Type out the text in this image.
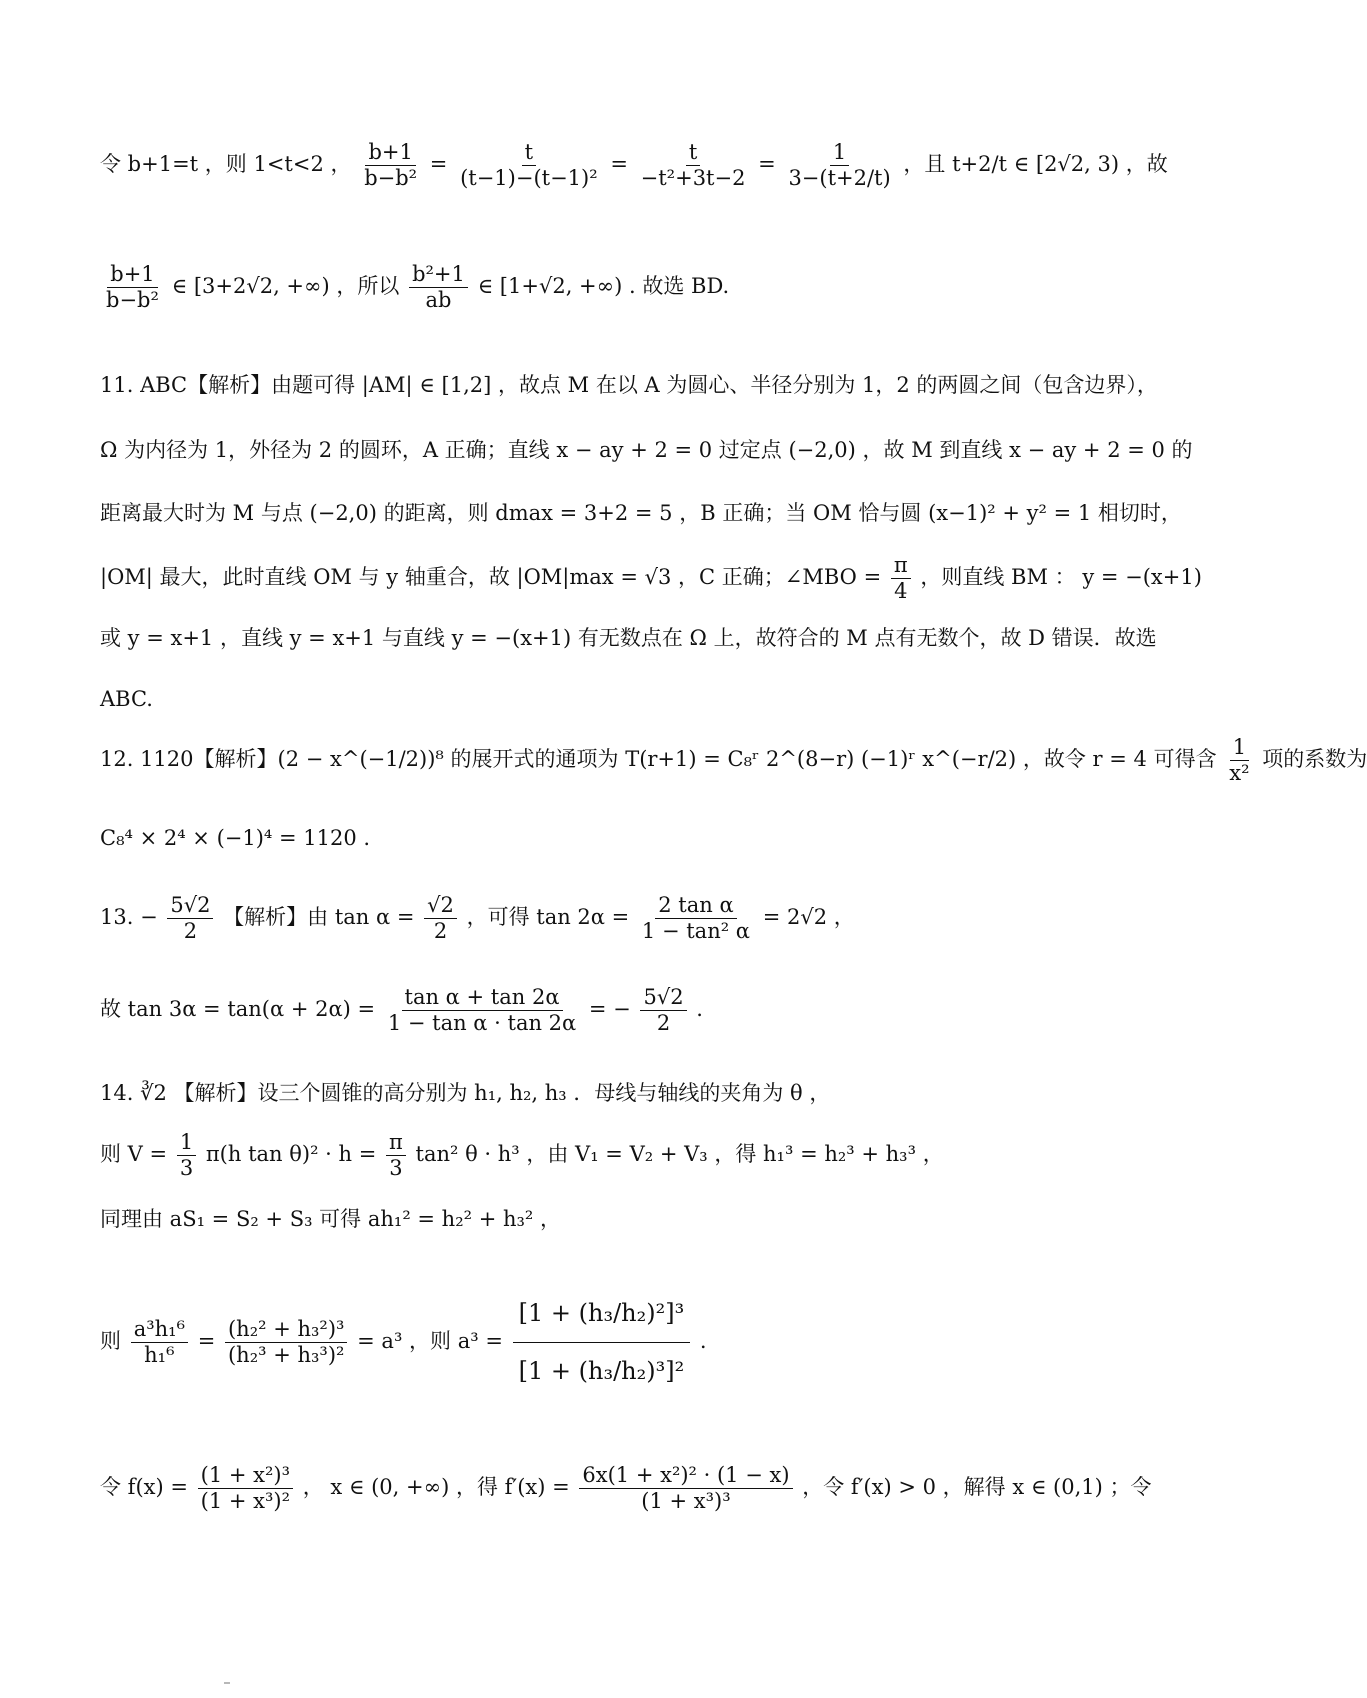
令 b+1=t ，则 1<t<2 ， $\frac{b+1}{\text{b−b²}} = \frac{t}{\text{(t−1)−(t−1)²}} = \frac{t}{\text{−t²+3t−2}} = \frac{1}{3-(t+2/t)}$ ，且 t+2/t ∈ [2√2, 3) ，故
$\frac{b+1}{\text{b−b²}}$ ∈ [3+2√2, +∞) ，所以 $\frac{\text{b²+1}}{ab}$ ∈ [1+√2, +∞) . 故选 BD.
11. ABC【解析】由题可得 |AM| ∈ [1,2] ，故点 M 在以 A 为圆心、半径分别为 1，2 的两圆之间（包含边界），
Ω 为内径为 1，外径为 2 的圆环，A 正确；直线 x − ay + 2 = 0 过定点 (−2,0) ，故 M 到直线 x − ay + 2 = 0 的
距离最大时为 M 与点 (−2,0) 的距离，则 dmax = 3+2 = 5 ，B 正确；当 OM 恰与圆 (x−1)² + y² = 1 相切时，
|OM| 最大，此时直线 OM 与 y 轴重合，故 |OM|max = √3 ，C 正确；∠MBO = $\frac{\pi}{4}$ ，则直线 BM ： y = −(x+1)
或 y = x+1 ，直线 y = x+1 与直线 y = −(x+1) 有无数点在 Ω 上，故符合的 M 点有无数个，故 D 错误．故选
ABC.
12. 1120【解析】(2 − x^(−1/2))⁸ 的展开式的通项为 T(r+1) = C₈ʳ 2^(8−r) (−1)ʳ x^(−r/2) ，故令 r = 4 可得含 $\frac{1}{\text{x²}}$ 项的系数为
C₈⁴ × 2⁴ × (−1)⁴ = 1120 .
13. − $\frac{5√2}{2}$ 【解析】由 $\tan \alpha = \frac{√2}{2}$ ，可得 $\tan 2\alpha = \frac{\text{2 tan α}}{\text{1 − tan² α}} = 2√2$ ，
故 $\tan 3\alpha = \tan(\alpha + 2\alpha) = \frac{\text{tan α + tan 2α}}{\text{1 − tan α · tan 2α}}$ = − $\frac{5√2}{2}$ .
14. ∛2 【解析】设三个圆锥的高分别为 h₁, h₂, h₃ ．母线与轴线的夹角为 θ ，
则 $V = \frac{1}{3} \pi(h$ $\tan \theta)^2 \cdot h = \frac{\pi}{3} \tan^2$ θ · h³ ，由 V₁ = V₂ + V₃ ，得 h₁³ = h₂³ + h₃³ ，
同理由 aS₁ = S₂ + S₃ 可得 ah₁² = h₂² + h₃² ，
则 $\frac{\text{a³h₁⁶}}{\text{h₁⁶}} = \frac{\text{(h₂² + h₃²)³}}{\text{(h₂³ + h₃³)²}} = a^3$ ，则 $a^3 = \frac{\text{[1 + (h₃/h₂)²]³}}{\text{[1 + (h₃/h₂)³]²}}$ .
令 $f(x) = \frac{\text{(1 + x²)³}}{\text{(1 + x³)²}}$ ， x ∈ (0, +∞) ，得 $f'(x) = \frac{\text{6x(1 + x²)² · (1 − x)}}{\text{(1 + x³)³}}$ ，令 f′(x) > 0 ，解得 x ∈ (0,1) ；令
